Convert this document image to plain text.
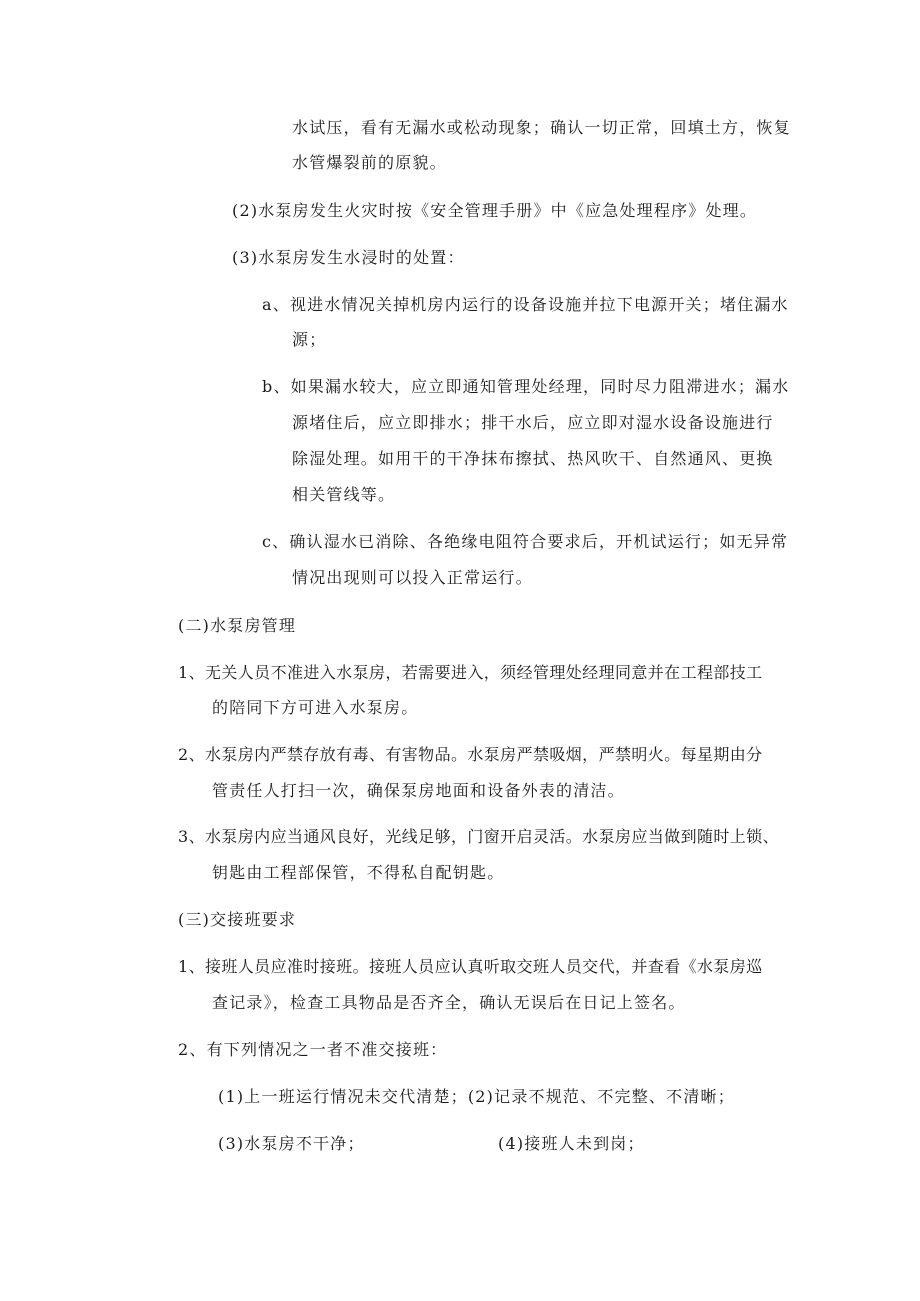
水试压，看有无漏水或松动现象；确认一切正常，回填土方，恢复
水管爆裂前的原貌。
(2)水泵房发生火灾时按《安全管理手册》中《应急处理程序》处理。
(3)水泵房发生水浸时的处置：
a、视进水情况关掉机房内运行的设备设施并拉下电源开关；堵住漏水
源；
b、如果漏水较大，应立即通知管理处经理，同时尽力阻滞进水；漏水
源堵住后，应立即排水；排干水后，应立即对湿水设备设施进行
除湿处理。如用干的干净抹布擦拭、热风吹干、自然通风、更换
相关管线等。
c、确认湿水已消除、各绝缘电阻符合要求后，开机试运行；如无异常
情况出现则可以投入正常运行。
(二)水泵房管理
1、无关人员不准进入水泵房，若需要进入，须经管理处经理同意并在工程部技工
的陪同下方可进入水泵房。
2、水泵房内严禁存放有毒、有害物品。水泵房严禁吸烟，严禁明火。每星期由分
管责任人打扫一次，确保泵房地面和设备外表的清洁。
3、水泵房内应当通风良好，光线足够，门窗开启灵活。水泵房应当做到随时上锁、
钥匙由工程部保管，不得私自配钥匙。
(三)交接班要求
1、接班人员应准时接班。接班人员应认真听取交班人员交代，并查看《水泵房巡
查记录》，检查工具物品是否齐全，确认无误后在日记上签名。
2、有下列情况之一者不准交接班：
(1)上一班运行情况未交代清楚；(2)记录不规范、不完整、不清晰；
(3)水泵房不干净；	(4)接班人未到岗；
